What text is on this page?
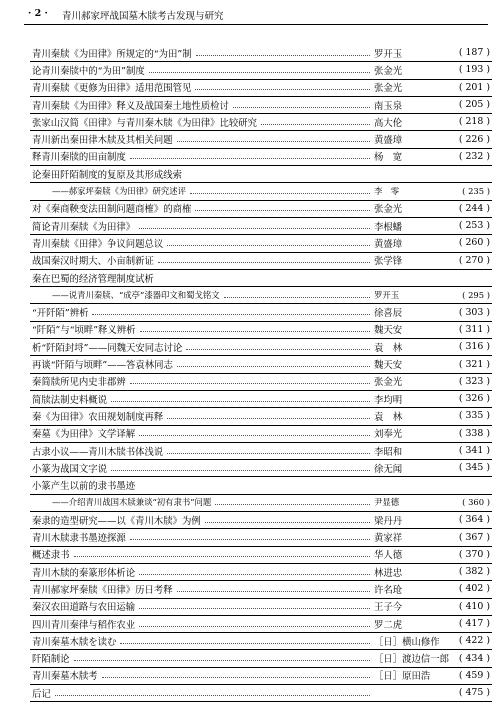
· 2 · 青川郝家坪战国墓木牍考古发现与研究
青川秦牍《为田律》所规定的“为田”制	罗开玉	( 187 )
论青川秦牍中的“为田”制度	张金光	( 193 )
青川秦牍《更修为田律》适用范围管见	张金光	( 201 )
青川秦牍《为田律》释义及战国秦土地性质检讨	南玉泉	( 205 )
张家山汉简《田律》与青川秦木牍《为田律》比较研究	高大伦	( 218 )
青川新出秦田律木牍及其相关问题	黄盛璋	( 226 )
释青川秦牍的田亩制度	杨　宽	( 232 )
论秦田阡陌制度的复原及其形成线索
——郝家坪秦牍《为田律》研究述评	李　零	( 235 )
对《秦商鞅变法田制问题商榷》的商榷	张金光	( 244 )
简论青川秦牍《为田律》	李根蟠	( 253 )
青川秦牍《田律》争议问题总议	黄盛璋	( 260 )
战国秦汉时期大、小亩制新证	张学锋	( 270 )
秦在巴蜀的经济管理制度试析
——说青川秦牍、“成亭”漆器印文和蜀戈铭文	罗开玉	( 295 )
“开阡陌”辨析	徐喜辰	( 303 )
“阡陌”与“顷畔”释义辨析	魏天安	( 311 )
析“阡陌封埒”——同魏天安同志讨论	袁　林	( 316 )
再谈“阡陌与顷畔”——答袁林同志	魏天安	( 321 )
秦简牍所见内史非郡辨	张金光	( 323 )
简牍法制史料概说	李均明	( 326 )
秦《为田律》农田规划制度再释	袁　林	( 335 )
秦墓《为田律》文学译解	刘奉光	( 338 )
古隶小议——青川木牍书体浅说	李昭和	( 341 )
小篆为战国文字说	徐无闻	( 345 )
小篆产生以前的隶书墨迹
——介绍青川战国木牍兼谈“初有隶书”问题	尹显德	( 360 )
秦隶的造型研究——以《青川木牍》为例	梁丹丹	( 364 )
青川木牍隶书墨迹探源	黄家祥	( 367 )
概述隶书	华人德	( 370 )
青川木牍的秦篆形体析论	林进忠	( 382 )
青川郝家坪秦牍《田律》历日考释	许名玱	( 402 )
秦汉农田道路与农田运输	王子今	( 410 )
四川青川秦律与稻作农业	罗二虎	( 417 )
青川秦墓木牍を读む	［日］横山修作	( 422 )
阡陌制论	［日］渡边信一郎	( 434 )
青川秦墓木牍考	［日］原田浩	( 459 )
后记	( 475 )
